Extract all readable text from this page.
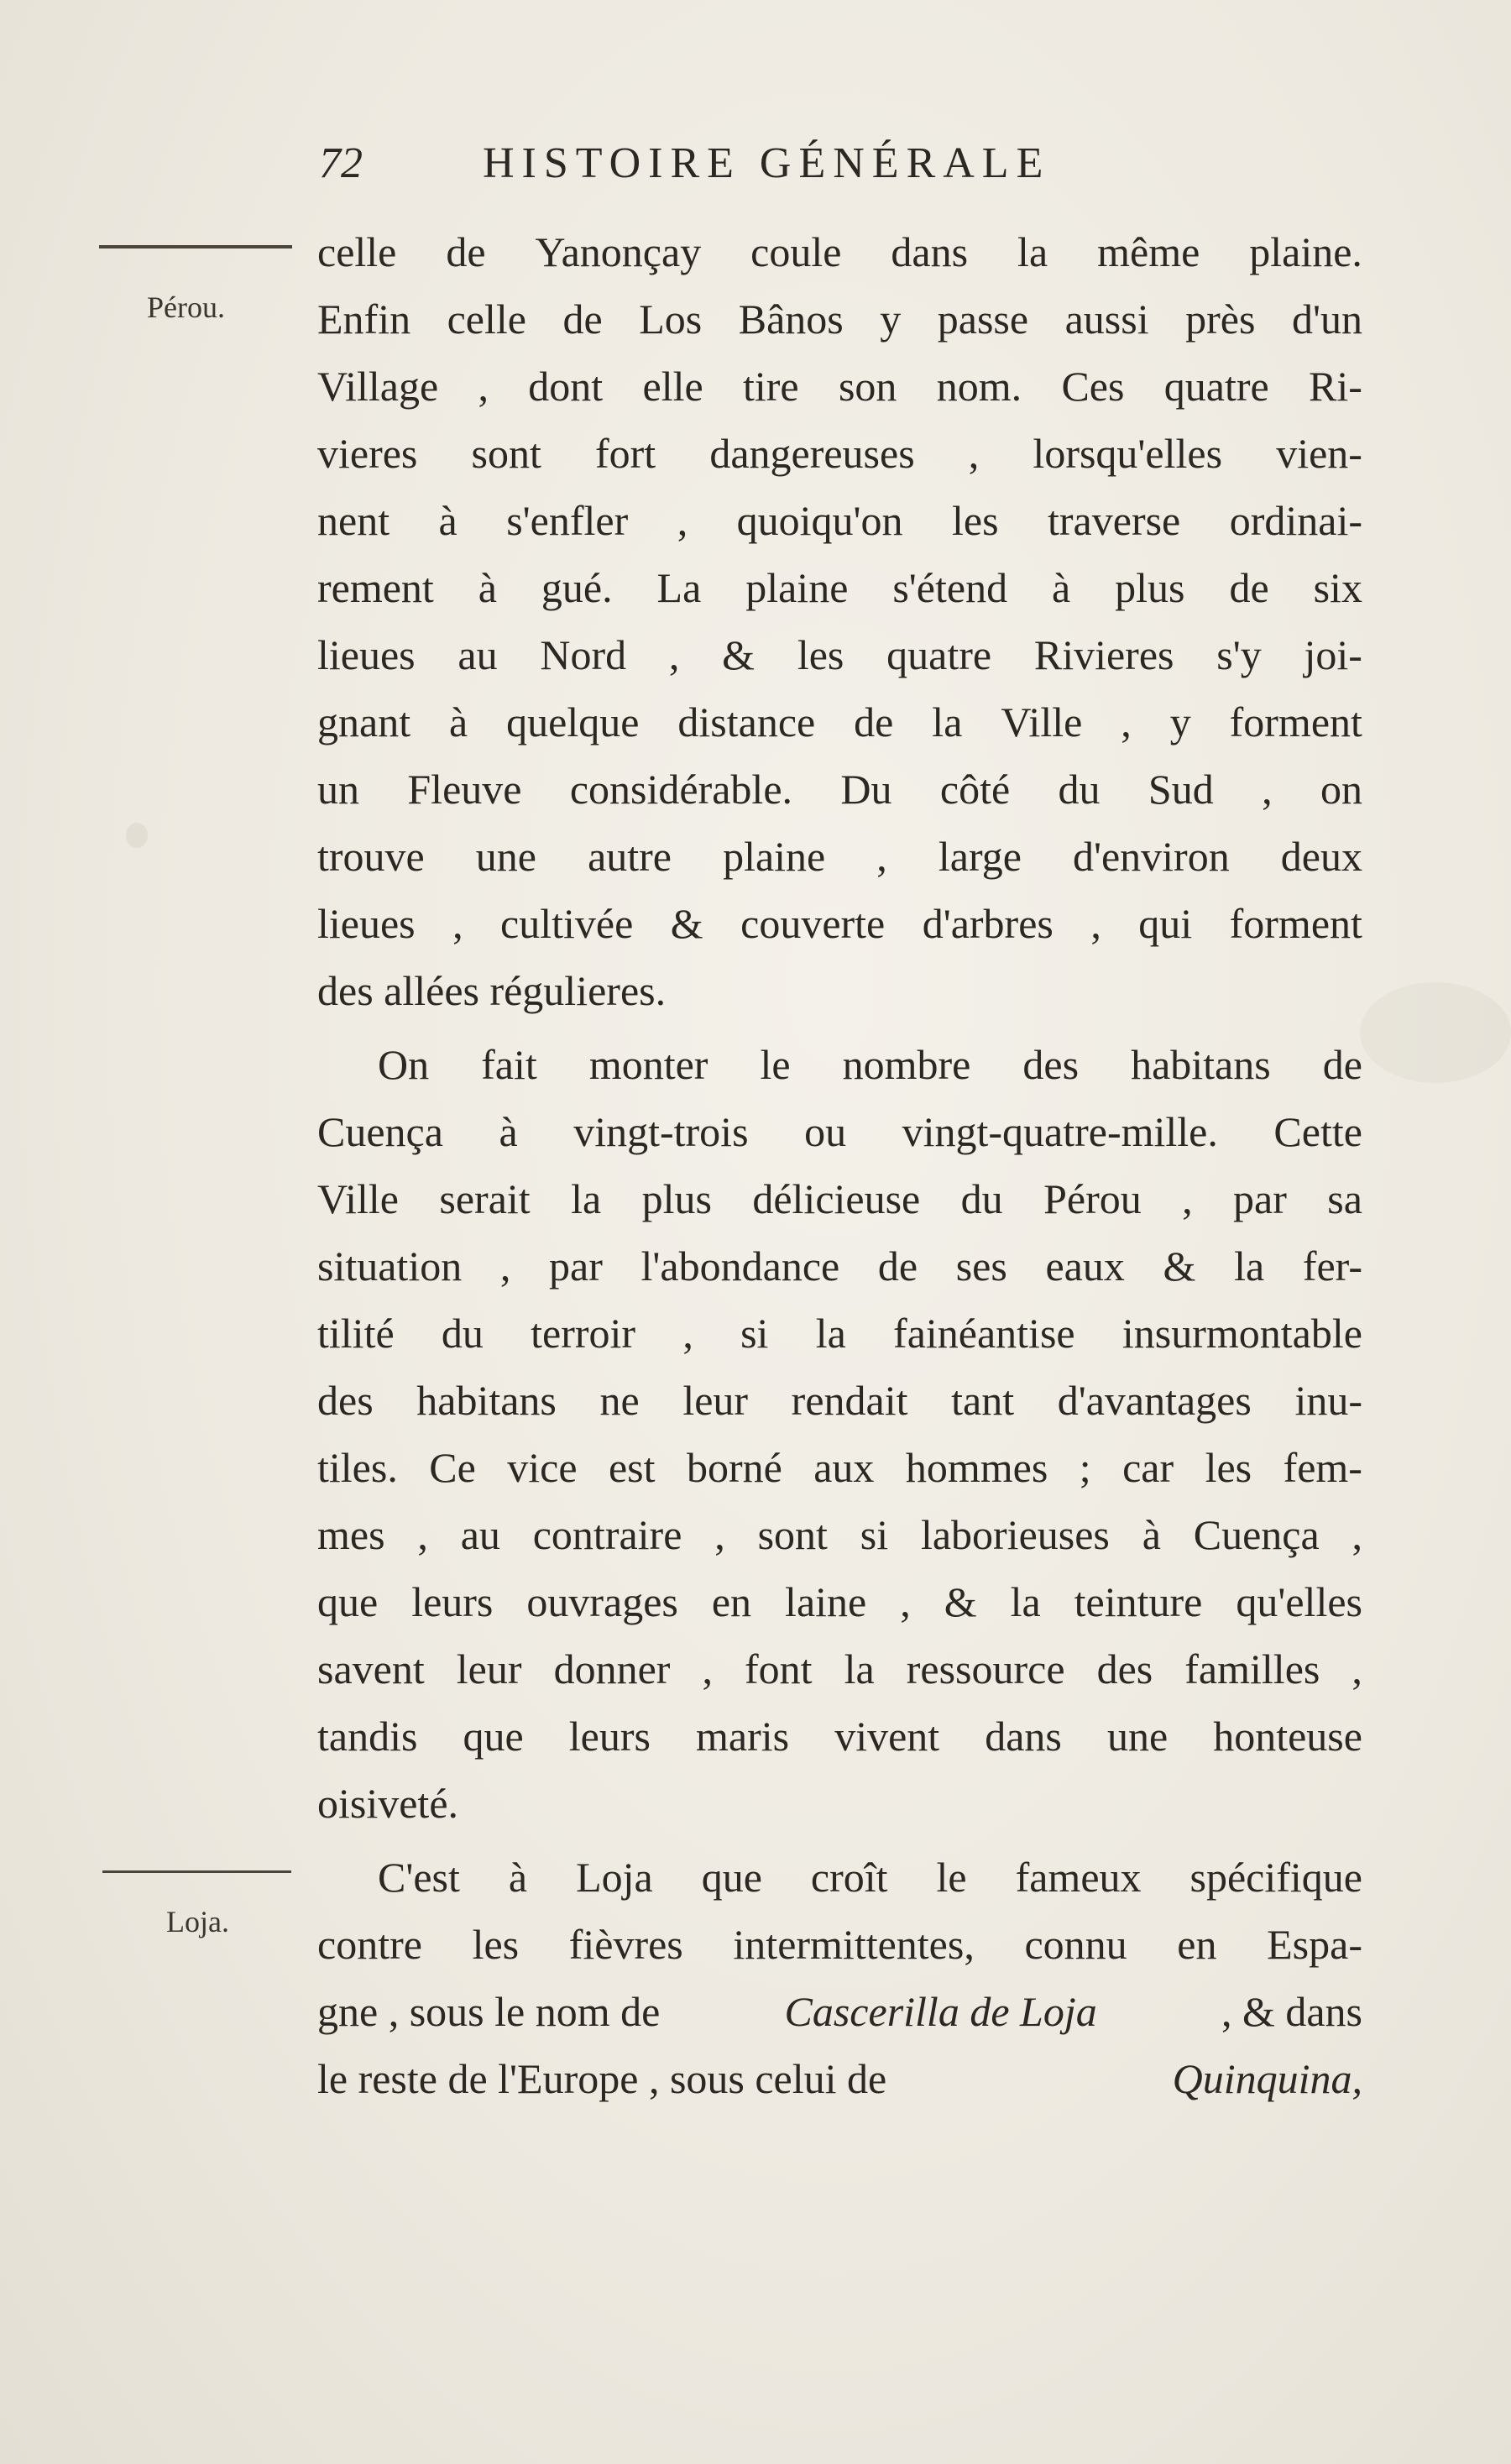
72	HISTOIRE GÉNÉRALE
Pérou.
Loja.
celle de Yanonçay coule dans la même plaine.
Enfin celle de Los Bânos y passe aussi près d'un
Village , dont elle tire son nom. Ces quatre Ri-
vieres sont fort dangereuses , lorsqu'elles vien-
nent à s'enfler , quoiqu'on les traverse ordinai-
rement à gué. La plaine s'étend à plus de six
lieues au Nord , & les quatre Rivieres s'y joi-
gnant à quelque distance de la Ville , y forment
un Fleuve considérable. Du côté du Sud , on
trouve une autre plaine , large d'environ deux
lieues , cultivée & couverte d'arbres , qui forment
des allées régulieres.
On fait monter le nombre des habitans de
Cuença à vingt-trois ou vingt-quatre-mille. Cette
Ville serait la plus délicieuse du Pérou , par sa
situation , par l'abondance de ses eaux & la fer-
tilité du terroir , si la fainéantise insurmontable
des habitans ne leur rendait tant d'avantages inu-
tiles. Ce vice est borné aux hommes ; car les fem-
mes , au contraire , sont si laborieuses à Cuença ,
que leurs ouvrages en laine , & la teinture qu'elles
savent leur donner , font la ressource des familles ,
tandis que leurs maris vivent dans une honteuse
oisiveté.
C'est à Loja que croît le fameux spécifique
contre les fièvres intermittentes, connu en Espa-
gne , sous le nom de	Cascerilla de Loja	, & dans
le reste de l'Europe , sous celui de	Quinquina,
